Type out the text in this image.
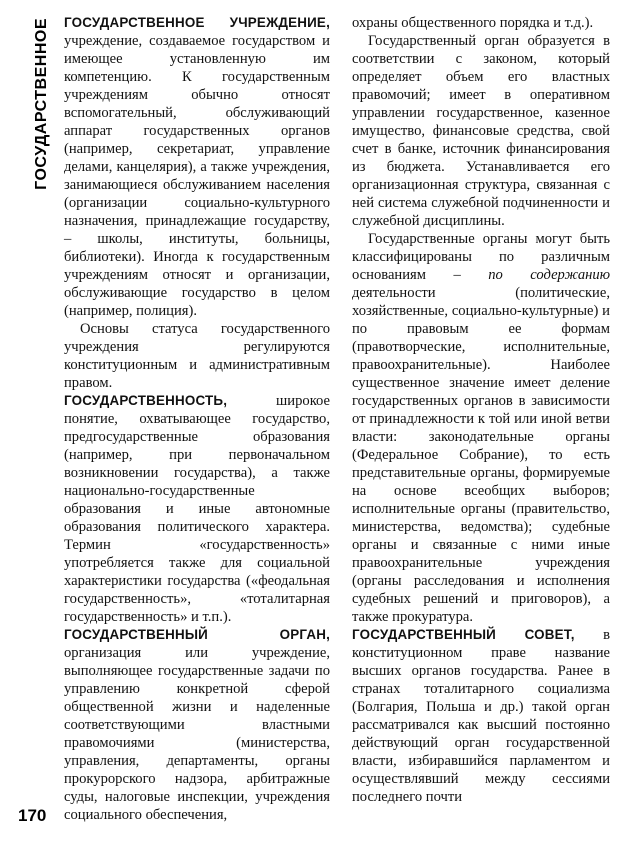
ГОСУДАРСТВЕННОЕ ГОСУДАРСТВЕННОЕ УЧРЕЖДЕНИЕ, учреждение, создаваемое государством и имеющее установленную им компетенцию. К государственным учреждениям обычно относят вспомогательный, обслуживающий аппарат государственных органов (например, секретариат, управление делами, канцелярия), а также учреждения, занимающиеся обслуживанием населения (организации социально-культурного назначения, принадлежащие государству, – школы, институты, больницы, библиотеки). Иногда к государственным учреждениям относят и организации, обслуживающие государство в целом (например, полиция).

Основы статуса государственного учреждения регулируются конституционным и административным правом.

ГОСУДАРСТВЕННОСТЬ, широкое понятие, охватывающее государство, предгосударственные образования (например, при первоначальном возникновении государства), а также национально-государственные образования и иные автономные образования политического характера. Термин «государственность» употребляется также для социальной характеристики государства («феодальная государственность», «тоталитарная государственность» и т.п.).

ГОСУДАРСТВЕННЫЙ ОРГАН, организация или учреждение, выполняющее государственные задачи по управлению конкретной сферой общественной жизни и наделенные соответствующими властными правомочиями (министерства, управления, департаменты, органы прокурорского надзора, арбитражные суды, налоговые инспекции, учреждения социального обеспечения,

охраны общественного порядка и т.д.).

Государственный орган образуется в соответствии с законом, который определяет объем его властных правомочий; имеет в оперативном управлении государственное, казенное имущество, финансовые средства, свой счет в банке, источник финансирования из бюджета. Устанавливается его организационная структура, связанная с ней система служебной подчиненности и служебной дисциплины.

Государственные органы могут быть классифицированы по различным основаниям – по содержанию деятельности (политические, хозяйственные, социально-культурные) и по правовым ее формам (правотворческие, исполнительные, правоохранительные). Наиболее существенное значение имеет деление государственных органов в зависимости от принадлежности к той или иной ветви власти: законодательные органы (Федеральное Собрание), то есть представительные органы, формируемые на основе всеобщих выборов; исполнительные органы (правительство, министерства, ведомства); судебные органы и связанные с ними иные правоохранительные учреждения (органы расследования и исполнения судебных решений и приговоров), а также прокуратура.

ГОСУДАРСТВЕННЫЙ СОВЕТ, в конституционном праве название высших органов государства. Ранее в странах тоталитарного социализма (Болгария, Польша и др.) такой орган рассматривался как высший постоянно действующий орган государственной власти, избиравшийся парламентом и осуществлявший между сессиями последнего почти

170
